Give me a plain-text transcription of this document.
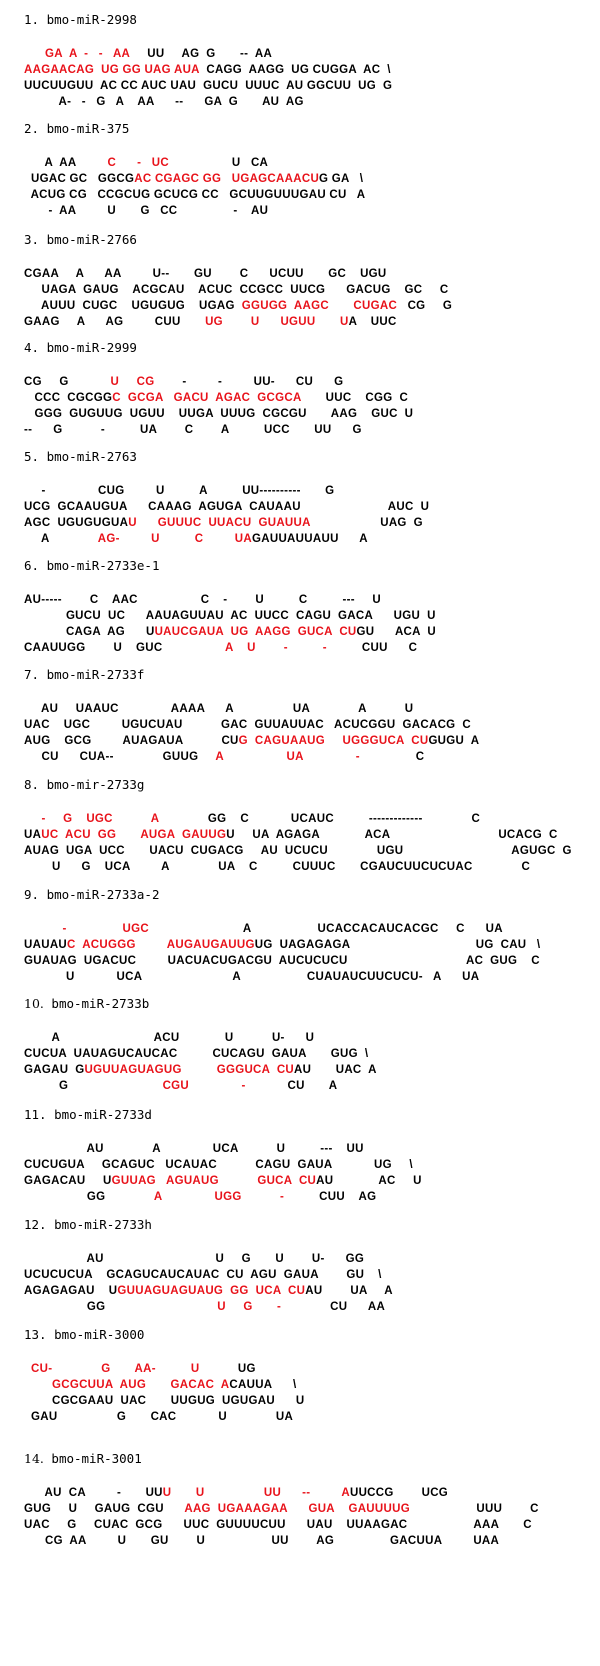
1. bmo-miR-2998
GA  A  -   -   AA     UU     AG  G       --  AA
AAGAACAG  UG GG UAG AUA  CAGG  AAGG  UG CUGGA  AC  \
UUCUUGUU  AC CC AUC UAU  GUCU  UUUC  AU GGCUU  UG  G
A-   -   G   A    AA      --      GA  G       AU  AG
2. bmo-miR-375
A  AA         C      -   UC                  U   CA
UGAC GC   GGCGAC CGAGC GG   UGAGCAAACUG GA   \
ACUG CG   CCGCUG GCUCG CC   GCUUGUUUGAU CU   A
-  AA         U       G   CC                -    AU
3. bmo-miR-2766
CGAA     A      AA         U--       GU        C      UCUU       GC    UGU
UAGA  GAUG    ACGCAU    ACUC  CCGCC  UUCG      GACUG    GC     C
AUUU  CUGC    UGUGUG    UGAG  GGUGG  AAGC CUGAC   CG     G
GAAG     A      AG         CUU       UG        U      UGUU       UA    UUC
4. bmo-miR-2999
CG     G            U     CG        -         -         UU-      CU      G
CCC  CGCGGC  GCGA   GACU  AGAC  GCGCA       UUC    CGG  C
GGG  GUGUUG  UGUU    UUGA  UUUG  CGCGU       AAG    GUC  U
--      G           -          UA        C        A          UCC       UU      G
5. bmo-miR-2763
-               CUG         U          A          UU----------       G
UCG  GCAAUGUA      CAAAG  AGUGA  CAUAAU                         AUC  U
AGC  UGUGUGUAU      GUUUC  UUACU  GUAUUA                    UAG  G
A              AG-         U          C         UAGAUUAUUAUU      A
6. bmo-miR-2733e-1
AU-----        C    AAC                  C    -        U          C          ---     U
GUCU  UC      AAUAGUUAU  AC  UUCC  CAGU  GACA      UGU  U
CAGA  AG      UUAUCGAUA  UG  AAGG  GUCA  CUGU      ACA  U
CAAUUGG        U    GUC                  A    U        -          -          CUU      C
7. bmo-miR-2733f
AU     UAAUC               AAAA      A                 UA              A           U
UAC    UGC         UGUCUAU           GAC  GUUAUUAC   ACUCGGU  GACACG  C
AUG    GCG         AUAGAUA           CUG  CAGUAAUG     UGGGUCA  CUGUGU  A
CU      CUA--              GUUG     A                  UA               -                C
8. bmo-mir-2733g
-     G    UGC           A              GG    C            UCAUC          -------------              C
UAUC  ACU  GG       AUGA  GAUUGU     UA  AGAGA             ACA                               UCACG  C
AUAG  UGA  UCC       UACU  CUGACG     AU  UCUCU              UGU                               AGUGC  G
U      G    UCA         A              UA    C          CUUUC       CGAUCUUCUCUAC              C
9. bmo-miR-2733a-2
-                UGC                           A                   UCACCACAUCACGC     C      UA
UAUAUC  ACUGGG         AUGAUGAUUGUG  UAGAGAGA                                    UG  CAU   \
GUAUAG  UGACUC         UACUACUGACGU  AUCUCUCU                                  AC  GUG    C
U            UCA                          A                   CUAUAUCUUCUCU-   A      UA
10. bmo-miR-2733b
A                           ACU             U           U-      U
CUCUA  UAUAGUCAUCAC          CUCAGU  GAUA       GUG  \
GAGAU  GUGUUAGUAGUG          GGGUCA  CUAU       UAC  A
G                           CGU               -            CU       A
11. bmo-miR-2733d
AU              A               UCA           U          ---    UU
CUCUGUA     GCAGUC   UCAUAC           CAGU  GAUA            UG     \
GAGACAU     UGUUAG   AGUAUG           GUCA  CUAU             AC     U
GG              A               UGG           -          CUU    AG
12. bmo-miR-2733h
AU                                U     G       U        U-      GG
UCUCUCUA    GCAGUCAUCAUAC  CU  AGU  GAUA        GU    \
AGAGAGAU    UGUUAGUAGUAUG  GG  UCA  CUAU        UA     A
GG                                U     G       -              CU      AA
13. bmo-miR-3000
CU-              G       AA-          U           UG
GCGCUUA  AUG       GACAC  ACAUUA      \
CGCGAAU  UAC       UUGUG  UGUGAU      U
GAU                 G       CAC            U              UA
14. bmo-miR-3001
AU  CA         -       UUU       U                 UU      --	AUUCCG        UCG
GUG     U     GAUG  CGU      AAG  UGAAAGAA      GUA    GAUUUUG                   UUU        C
UAC     G     CUAC  GCG      UUC  GUUUUCUU      UAU    UUAAGAC                   AAA       C
CG  AA         U       GU        U                   UU        AG                GACUUA         UAA
